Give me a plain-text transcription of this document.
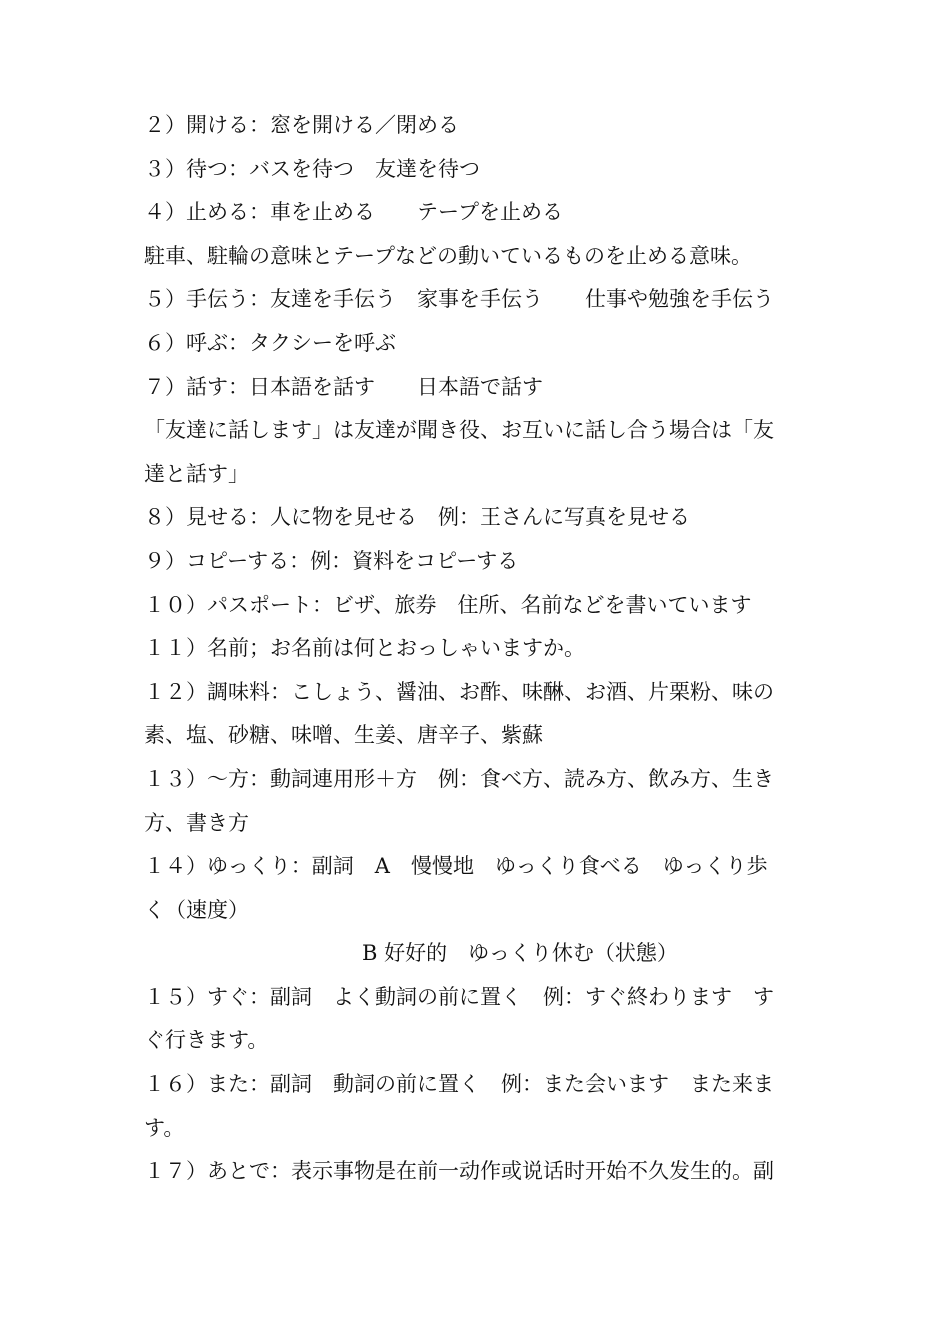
２）開ける：窓を開ける／閉める
３）待つ：バスを待つ　友達を待つ
４）止める：車を止める　　テープを止める
駐車、駐輪の意味とテープなどの動いているものを止める意味。
５）手伝う：友達を手伝う　家事を手伝う　　仕事や勉強を手伝う
６）呼ぶ：タクシーを呼ぶ
７）話す：日本語を話す　　日本語で話す
「友達に話します」は友達が聞き役、お互いに話し合う場合は「友
達と話す」
８）見せる：人に物を見せる　例：王さんに写真を見せる
９）コピーする：例：資料をコピーする
１０）パスポート：ビザ、旅券　住所、名前などを書いています
１１）名前；お名前は何とおっしゃいますか。
１２）調味料：こしょう、醤油、お酢、味醂、お酒、片栗粉、味の
素、塩、砂糖、味噌、生姜、唐辛子、紫蘇
１３）〜方：動詞連用形＋方　例：食べ方、読み方、飲み方、生き
方、書き方
１４）ゆっくり：副詞　A　慢慢地　ゆっくり食べる　ゆっくり歩
く（速度）
B 好好的　ゆっくり休む（状態）
１５）すぐ：副詞　よく動詞の前に置く　例：すぐ終わります　す
ぐ行きます。
１６）また：副詞　動詞の前に置く　例：また会います　また来ま
す。
１７）あとで：表示事物是在前一动作或说话时开始不久发生的。副
